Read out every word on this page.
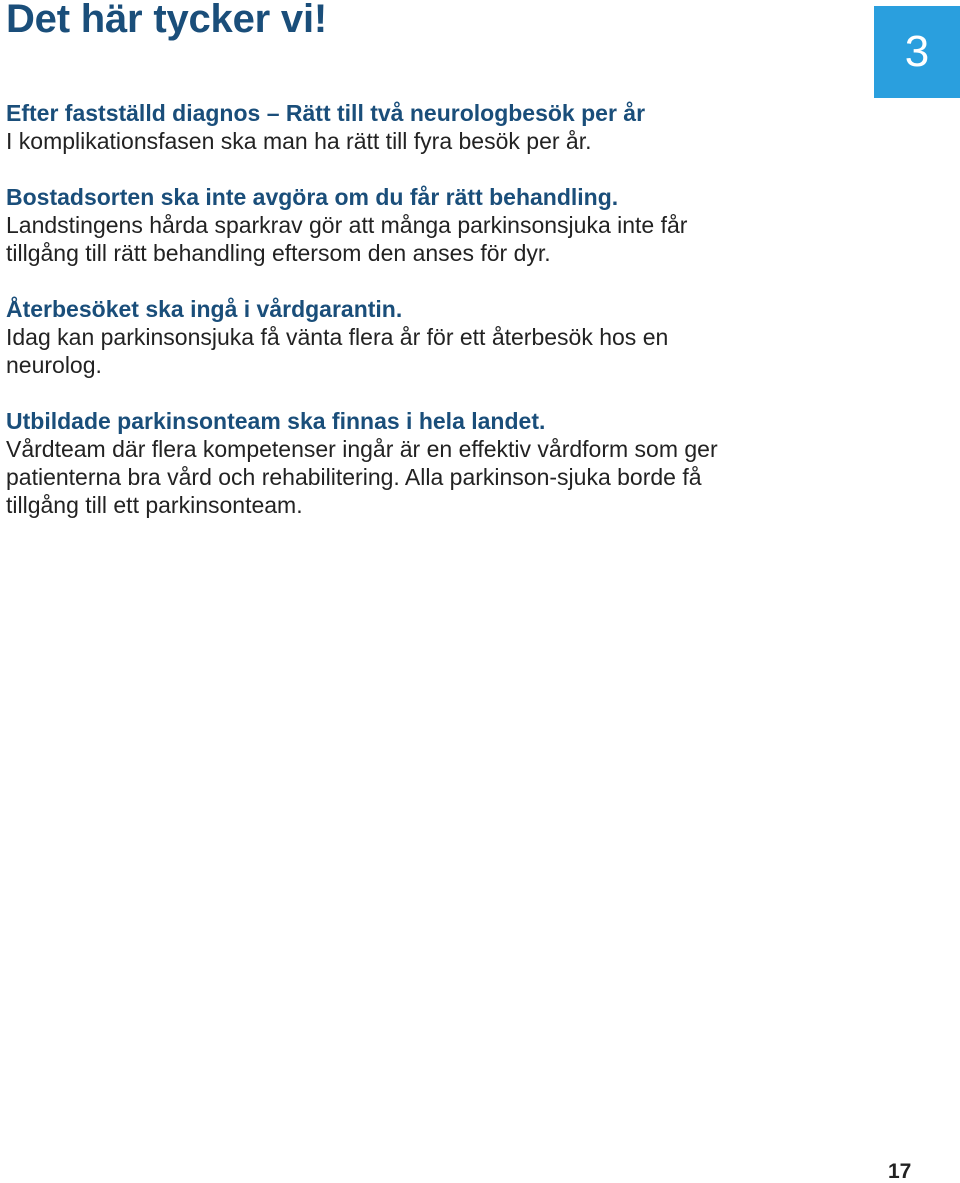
Det här tycker vi!
3
Efter fastställd diagnos – Rätt till två neurologbesök per år
I komplikationsfasen ska man ha rätt till fyra besök per år.
Bostadsorten ska inte avgöra om du får rätt behandling.
Landstingens hårda sparkrav gör att många parkinsonsjuka inte får tillgång till rätt behandling eftersom den anses för dyr.
Återbesöket ska ingå i vårdgarantin.
Idag kan parkinsonsjuka få vänta flera år för ett återbesök hos en neurolog.
Utbildade parkinsonteam ska finnas i hela landet.
Vårdteam där flera kompetenser ingår är en effektiv vårdform som ger patienterna bra vård och rehabilitering. Alla parkinson-sjuka borde få tillgång till ett parkinsonteam.
17
